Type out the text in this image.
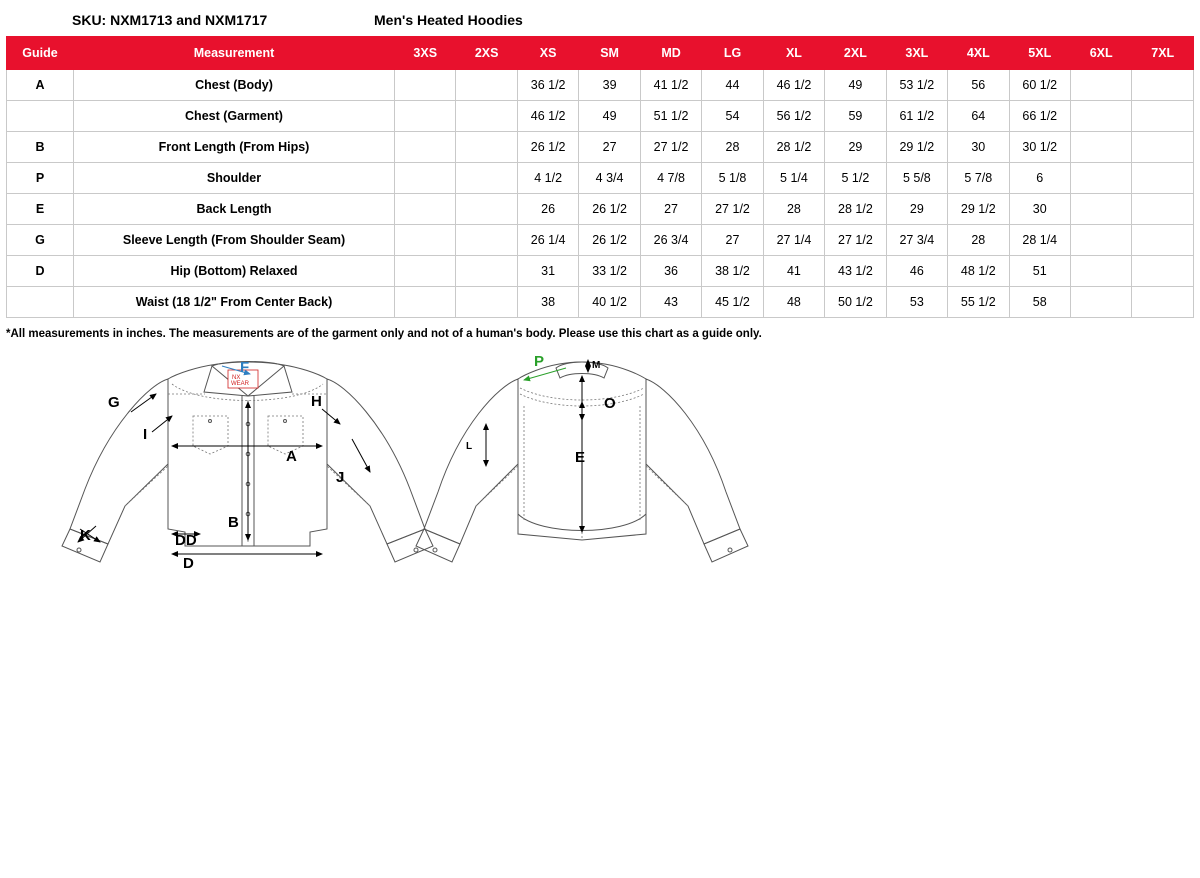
SKU: NXM1713 and NXM1717	Men's Heated Hoodies
Guide	Measurement	3XS	2XS	XS	SM	MD	LG	XL	2XL	3XL	4XL	5XL	6XL	7XL
A	Chest (Body)			36 1/2	39	41 1/2	44	46 1/2	49	53 1/2	56	60 1/2		
	Chest (Garment)			46 1/2	49	51 1/2	54	56 1/2	59	61 1/2	64	66 1/2		
B	Front Length (From Hips)			26 1/2	27	27 1/2	28	28 1/2	29	29 1/2	30	30 1/2		
P	Shoulder			4 1/2	4 3/4	4 7/8	5 1/8	5 1/4	5 1/2	5 5/8	5 7/8	6		
E	Back Length			26	26 1/2	27	27 1/2	28	28 1/2	29	29 1/2	30		
G	Sleeve Length (From Shoulder Seam)			26 1/4	26 1/2	26 3/4	27	27 1/4	27 1/2	27 3/4	28	28 1/4		
D	Hip (Bottom) Relaxed			31	33 1/2	36	38 1/2	41	43 1/2	46	48 1/2	51		
	Waist (18 1/2" From Center Back)			38	40 1/2	43	45 1/2	48	50 1/2	53	55 1/2	58		
*All measurements in inches. The measurements are of the garment only and not of a human's body. Please use this chart as a guide only.
NX
WEAR
F
G
I
H
J
A
B
K	DD
D
P	M
O
E
L
